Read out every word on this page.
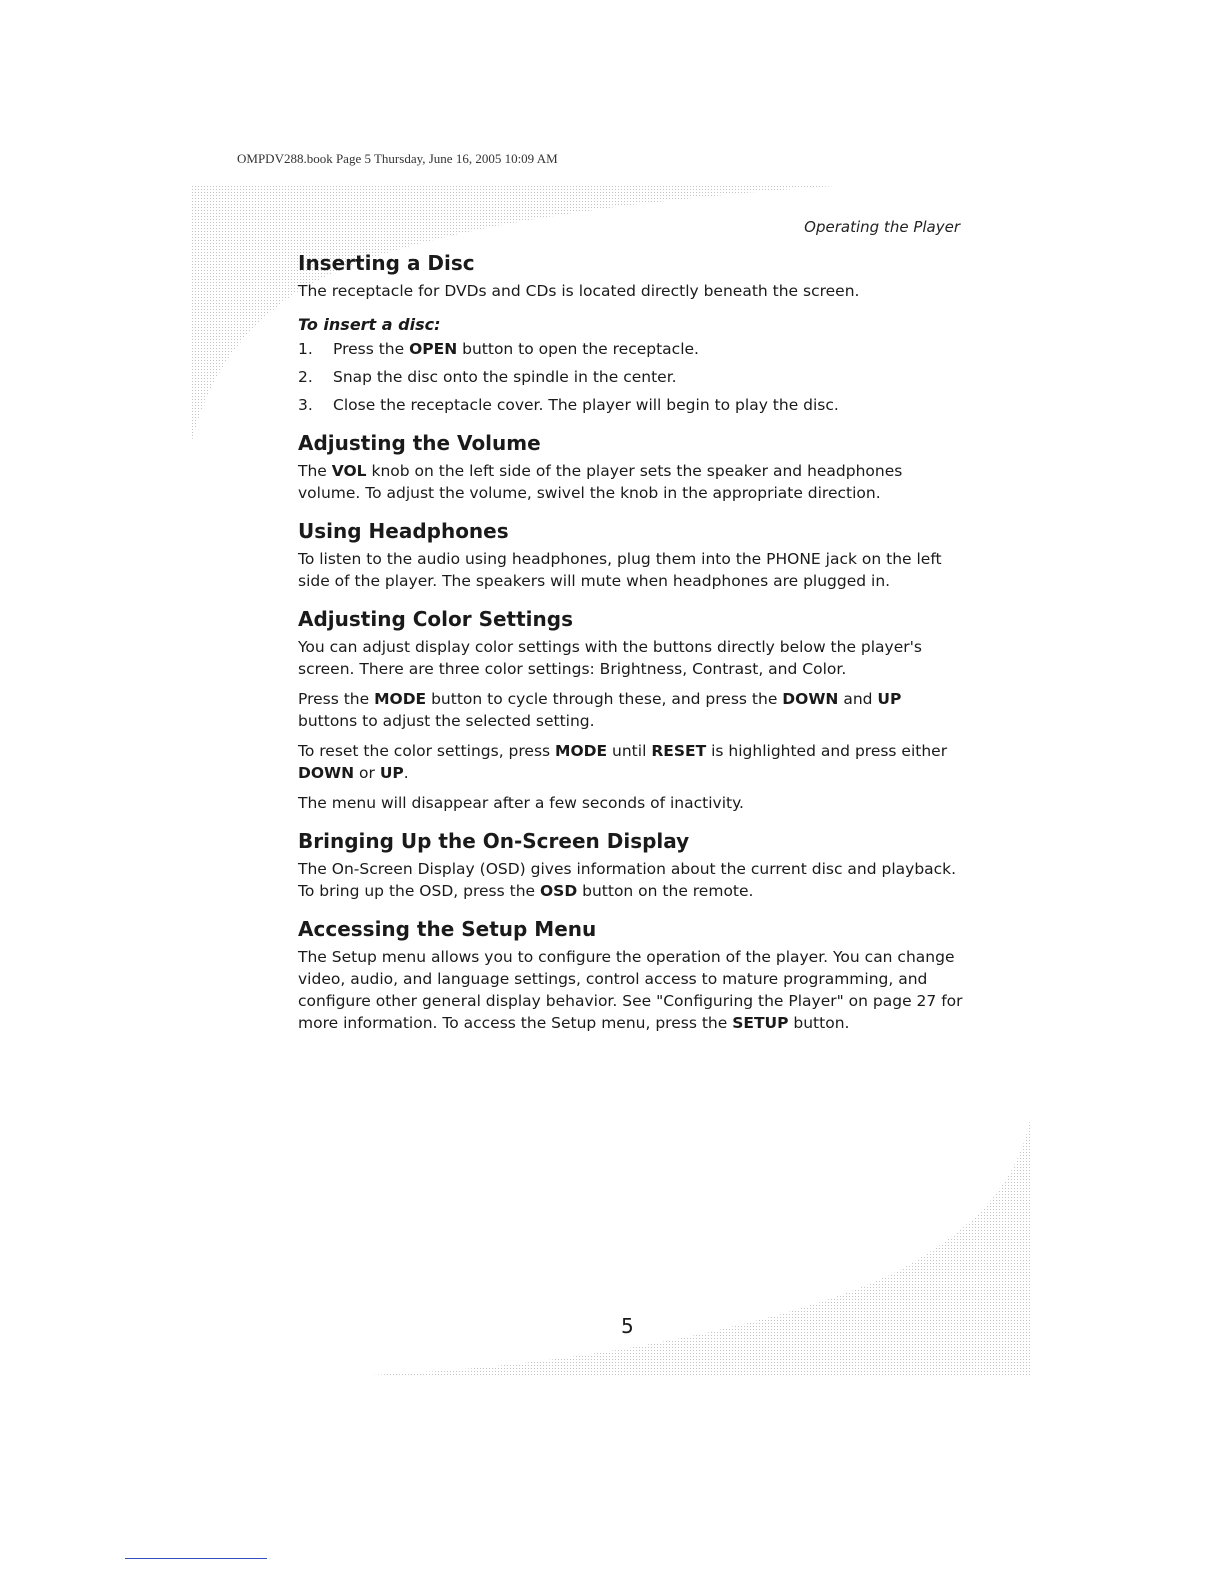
OMPDV288.book Page 5 Thursday, June 16, 2005 10:09 AM
Operating the Player
Inserting a Disc

The receptacle for DVDs and CDs is located directly beneath the screen.

To insert a disc:
1. Press the OPEN button to open the receptacle.
2. Snap the disc onto the spindle in the center.
3. Close the receptacle cover. The player will begin to play the disc.
Adjusting the Volume

The VOL knob on the left side of the player sets the speaker and headphones volume. To adjust the volume, swivel the knob in the appropriate direction.

Using Headphones

To listen to the audio using headphones, plug them into the PHONE jack on the left side of the player. The speakers will mute when headphones are plugged in.

Adjusting Color Settings

You can adjust display color settings with the buttons directly below the player's screen. There are three color settings: Brightness, Contrast, and Color.

Press the MODE button to cycle through these, and press the DOWN and UP buttons to adjust the selected setting.

To reset the color settings, press MODE until RESET is highlighted and press either DOWN or UP.

The menu will disappear after a few seconds of inactivity.

Bringing Up the On-Screen Display

The On-Screen Display (OSD) gives information about the current disc and playback. To bring up the OSD, press the OSD button on the remote.

Accessing the Setup Menu

The Setup menu allows you to configure the operation of the player. You can change video, audio, and language settings, control access to mature programming, and configure other general display behavior. See "Configuring the Player" on page 27 for more information. To access the Setup menu, press the SETUP button.

5
